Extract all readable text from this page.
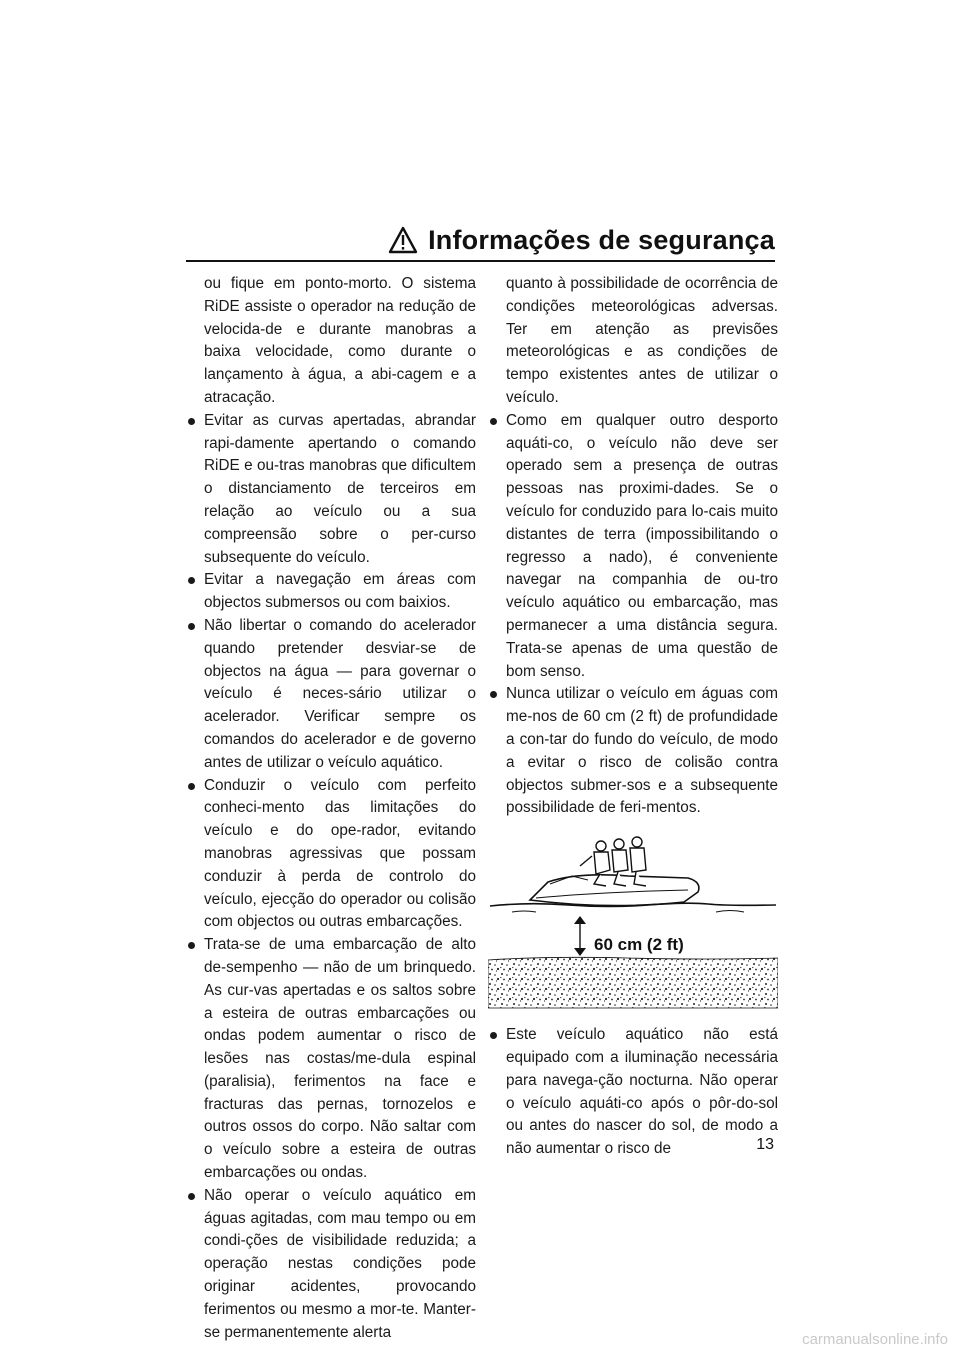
Informações de segurança

ou fique em ponto-morto. O sistema RiDE assiste o operador na redução de velocida-de e durante manobras a baixa velocidade, como durante o lançamento à água, a abi-cagem e a atracação.

Evitar as curvas apertadas, abrandar rapi-damente apertando o comando RiDE e ou-tras manobras que dificultem o distanciamento de terceiros em relação ao veículo ou a sua compreensão sobre o per-curso subsequente do veículo.

Evitar a navegação em áreas com objectos submersos ou com baixios.

Não libertar o comando do acelerador quando pretender desviar-se de objectos na água — para governar o veículo é neces-sário utilizar o acelerador. Verificar sempre os comandos do acelerador e de governo antes de utilizar o veículo aquático.

Conduzir o veículo com perfeito conheci-mento das limitações do veículo e do ope-rador, evitando manobras agressivas que possam conduzir à perda de controlo do veículo, ejecção do operador ou colisão com objectos ou outras embarcações.

Trata-se de uma embarcação de alto de-sempenho — não de um brinquedo. As cur-vas apertadas e os saltos sobre a esteira de outras embarcações ou ondas podem aumentar o risco de lesões nas costas/me-dula espinal (paralisia), ferimentos na face e fracturas das pernas, tornozelos e outros ossos do corpo. Não saltar com o veículo sobre a esteira de outras embarcações ou ondas.

Não operar o veículo aquático em águas agitadas, com mau tempo ou em condi-ções de visibilidade reduzida; a operação nestas condições pode originar acidentes, provocando ferimentos ou mesmo a mor-te. Manter-se permanentemente alerta

quanto à possibilidade de ocorrência de condições meteorológicas adversas. Ter em atenção as previsões meteorológicas e as condições de tempo existentes antes de utilizar o veículo.

Como em qualquer outro desporto aquáti-co, o veículo não deve ser operado sem a presença de outras pessoas nas proximi-dades. Se o veículo for conduzido para lo-cais muito distantes de terra (impossibilitando o regresso a nado), é conveniente navegar na companhia de ou-tro veículo aquático ou embarcação, mas permanecer a uma distância segura. Trata-se apenas de uma questão de bom senso.

Nunca utilizar o veículo em águas com me-nos de 60 cm (2 ft) de profundidade a con-tar do fundo do veículo, de modo a evitar o risco de colisão contra objectos submer-sos e a subsequente possibilidade de feri-mentos.

60 cm (2 ft)

Este veículo aquático não está equipado com a iluminação necessária para navega-ção nocturna. Não operar o veículo aquáti-co após o pôr-do-sol ou antes do nascer do sol, de modo a não aumentar o risco de	13
carmanualsonline.info
